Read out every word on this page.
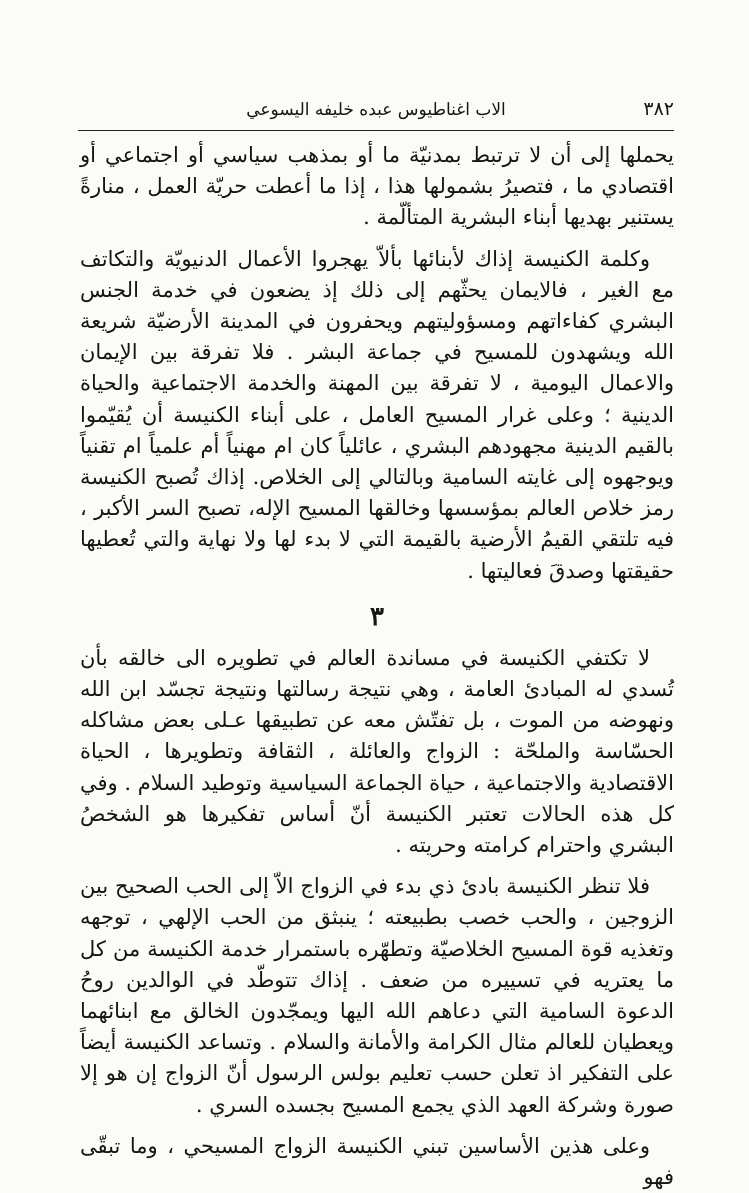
٣٨٢
الاب اغناطيوس عبده خليفه اليسوعي

يحملها إلى أن لا ترتبط بمدنيّة ما أو بمذهب سياسي أو اجتماعي أو اقتصادي ما ، فتصيرُ بشمولها هذا ، إذا ما أعطت حريّة العمل ، منارةً يستنير بهديها أبناء البشرية المتألّمة .

وكلمة الكنيسة إذاك لأبنائها بألاّ يهجروا الأعمال الدنيويّة والتكاتف مع الغير ، فالايمان يحثّهم إلى ذلك إذ يضعون في خدمة الجنس البشري كفاءاتهم ومسؤوليتهم ويحفرون في المدينة الأرضيّة شريعة الله ويشهدون للمسيح في جماعة البشر . فلا تفرقة بين الإيمان والاعمال اليومية ، لا تفرقة بين المهنة والخدمة الاجتماعية والحياة الدينية ؛ وعلى غرار المسيح العامل ، على أبناء الكنيسة أن يُقيّموا بالقيم الدينية مجهودهم البشري ، عائلياً كان ام مهنياً أم علمياً ام تقنياً ويوجهوه إلى غايته السامية وبالتالي إلى الخلاص. إذاك تُصبح الكنيسة رمز خلاص العالم بمؤسسها وخالقها المسيح الإله، تصبح السر الأكبر ، فيه تلتقي القيمُ الأرضية بالقيمة التي لا بدء لها ولا نهاية والتي تُعطيها حقيقتها وصدقَ فعاليتها .

٣

لا تكتفي الكنيسة في مساندة العالم في تطويره الى خالقه بأن تُسدي له المبادئ العامة ، وهي نتيجة رسالتها ونتيجة تجسّد ابن الله ونهوضه من الموت ، بل تفتّش معه عن تطبيقها عـلى بعض مشاكله الحسّاسة والملحّة : الزواج والعائلة ، الثقافة وتطويرها ، الحياة الاقتصادية والاجتماعية ، حياة الجماعة السياسية وتوطيد السلام . وفي كل هذه الحالات تعتبر الكنيسة أنّ أساس تفكيرها هو الشخصُ البشري واحترام كرامته وحريته .

فلا تنظر الكنيسة بادئ ذي بدء في الزواج الاّ إلى الحب الصحيح بين الزوجين ، والحب خصب بطبيعته ؛ ينبثق من الحب الإلهي ، توجهه وتغذيه قوة المسيح الخلاصيّة وتطهّره باستمرار خدمة الكنيسة من كل ما يعتريه في تسييره من ضعف . إذاك تتوطّد في الوالدين روحُ الدعوة السامية التي دعاهم الله اليها ويمجّدون الخالق مع ابنائهما ويعطيان للعالم مثال الكرامة والأمانة والسلام . وتساعد الكنيسة أيضاً على التفكير اذ تعلن حسب تعليم بولس الرسول أنّ الزواج إن هو إلا صورة وشركة العهد الذي يجمع المسيح بجسده السري .

وعلى هذين الأساسين تبني الكنيسة الزواج المسيحي ، وما تبقّى فهو
